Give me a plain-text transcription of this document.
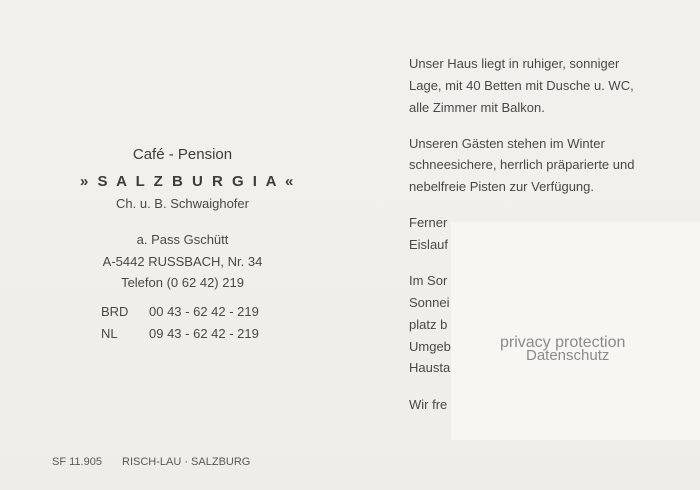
Café - Pension
» S A L Z B U R G I A «
Ch. u. B. Schwaighofer
a. Pass Gschütt
A-5442 RUSSBACH, Nr. 34
Telefon (0 62 42) 219
BRD 00 43 - 62 42 - 219
NL 09 43 - 62 42 - 219
SF 11.905 RISCH-LAU · SALZBURG
Unser Haus liegt in ruhiger, sonniger
Lage, mit 40 Betten mit Dusche u. WC,
alle Zimmer mit Balkon.
Unseren Gästen stehen im Winter
schneesichere, herrlich präparierte und
nebelfreie Pisten zur Verfügung.
Ferner
Eislauf
Im Sor
Sonnei
platz b
Umgeb
Hausta
Wir fre
privacy protection
Datenschutz
